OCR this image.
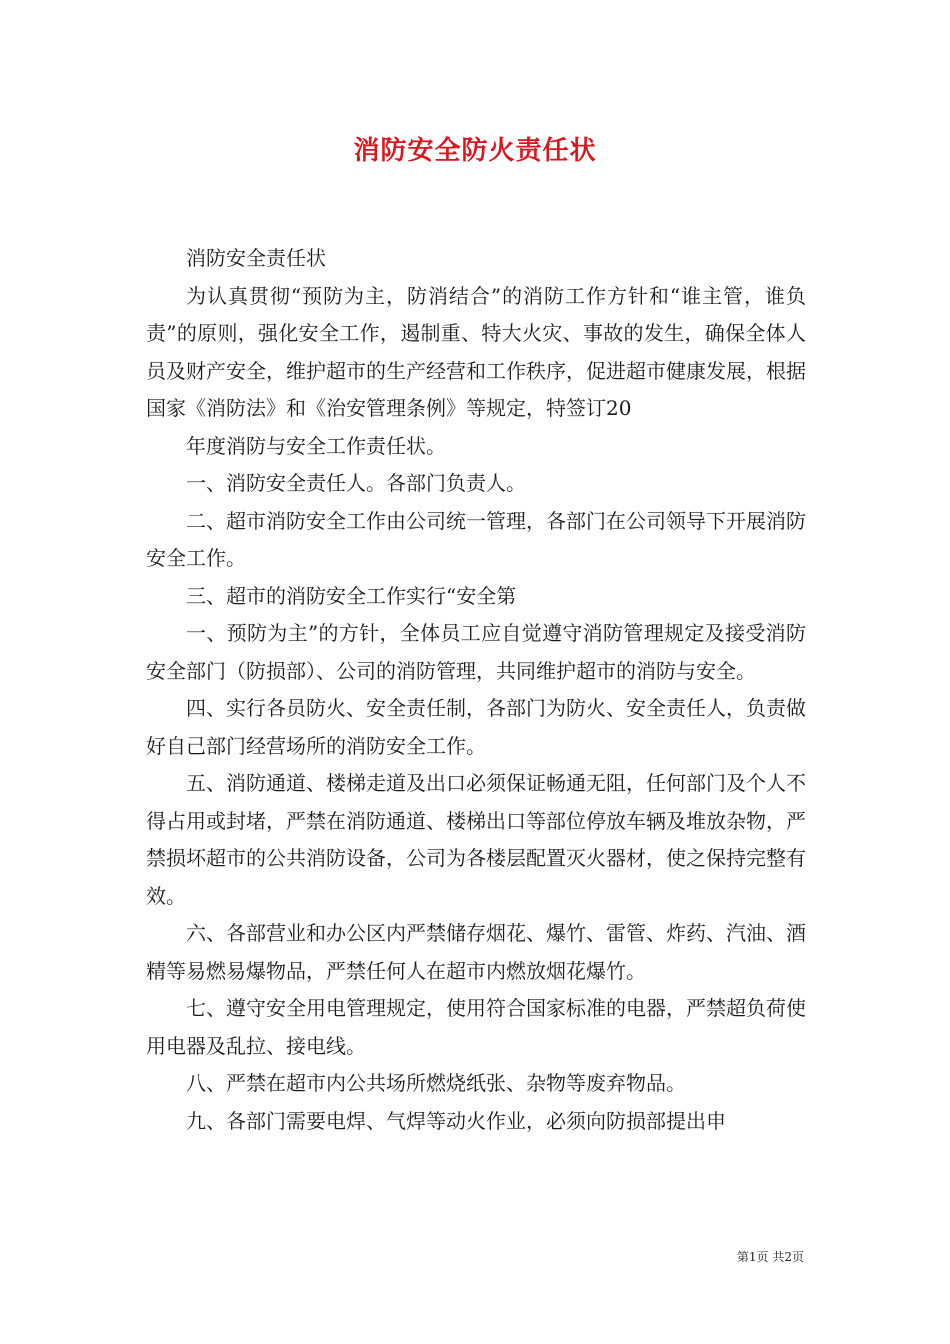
消防安全防火责任状

消防安全责任状

为认真贯彻“预防为主，防消结合”的消防工作方针和“谁主管，谁负责”的原则，强化安全工作，遏制重、特大火灾、事故的发生，确保全体人员及财产安全，维护超市的生产经营和工作秩序，促进超市健康发展，根据国家《消防法》和《治安管理条例》等规定，特签订20

年度消防与安全工作责任状。

一、消防安全责任人。各部门负责人。

二、超市消防安全工作由公司统一管理，各部门在公司领导下开展消防安全工作。

三、超市的消防安全工作实行“安全第

一、预防为主”的方针，全体员工应自觉遵守消防管理规定及接受消防安全部门（防损部）、公司的消防管理，共同维护超市的消防与安全。

四、实行各员防火、安全责任制，各部门为防火、安全责任人，负责做好自己部门经营场所的消防安全工作。

五、消防通道、楼梯走道及出口必须保证畅通无阻，任何部门及个人不得占用或封堵，严禁在消防通道、楼梯出口等部位停放车辆及堆放杂物，严禁损坏超市的公共消防设备，公司为各楼层配置灭火器材，使之保持完整有效。

六、各部营业和办公区内严禁储存烟花、爆竹、雷管、炸药、汽油、酒精等易燃易爆物品，严禁任何人在超市内燃放烟花爆竹。

七、遵守安全用电管理规定，使用符合国家标准的电器，严禁超负荷使用电器及乱拉、接电线。

八、严禁在超市内公共场所燃烧纸张、杂物等废弃物品。

九、各部门需要电焊、气焊等动火作业，必须向防损部提出申

第1页 共2页
